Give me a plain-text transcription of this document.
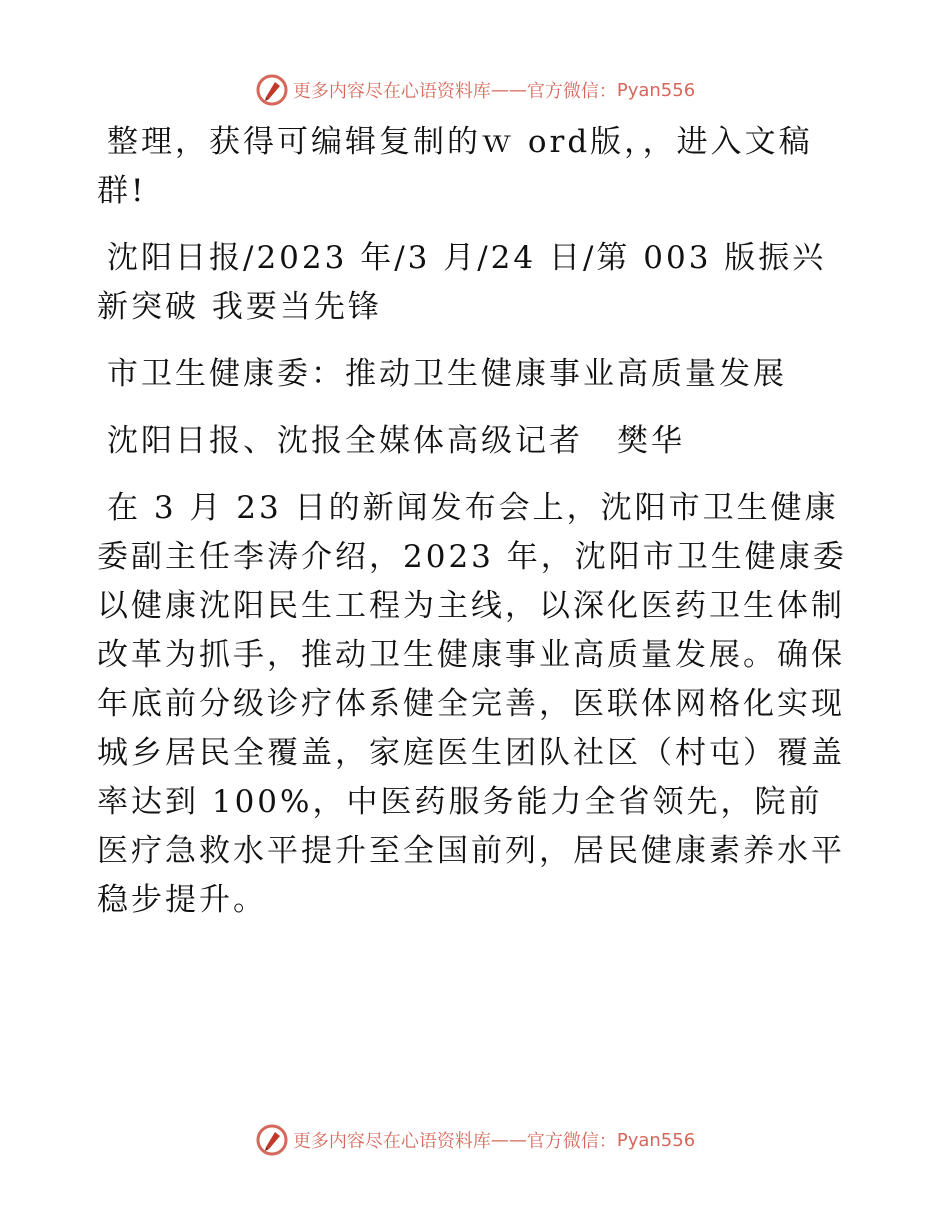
更多内容尽在心语资料库 —— 官方微信： Pyan556

整理，获得可编辑复制的ｗ ord版，，进入文稿群!

沈阳日报/2023 年/3 月/24 日/第 003 版振兴新突破 我要当先锋

市卫生健康委：推动卫生健康事业高质量发展

沈阳日报、沈报全媒体高级记者　樊华

在 3 月 23 日的新闻发布会上，沈阳市卫生健康委副主任李涛介绍，2023 年，沈阳市卫生健康委以健康沈阳民生工程为主线，以深化医药卫生体制改革为抓手，推动卫生健康事业高质量发展。确保年底前分级诊疗体系健全完善，医联体网格化实现城乡居民全覆盖，家庭医生团队社区（村屯）覆盖率达到 100%，中医药服务能力全省领先，院前医疗急救水平提升至全国前列，居民健康素养水平稳步提升。

更多内容尽在心语资料库 —— 官方微信： Pyan556
